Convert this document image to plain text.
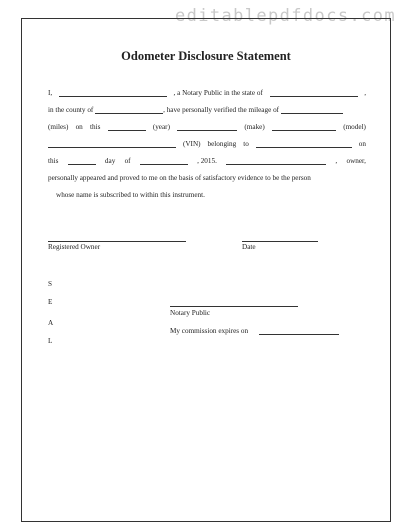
editablepdfdocs.com
Odometer Disclosure Statement
I,	, a Notary Public in the state of	,
in the county of
	, have personally verified the mileage of

(miles) on this	(year)	(make)	(model)
(VIN) belonging to	on
this	day of	, 2015.	, owner,
personally appeared and proved to me on the basis of satisfactory evidence to be the person
whose name is subscribed to within this instrument.
Registered Owner	Date
S
E
A
L
Notary Public
My commission expires on
